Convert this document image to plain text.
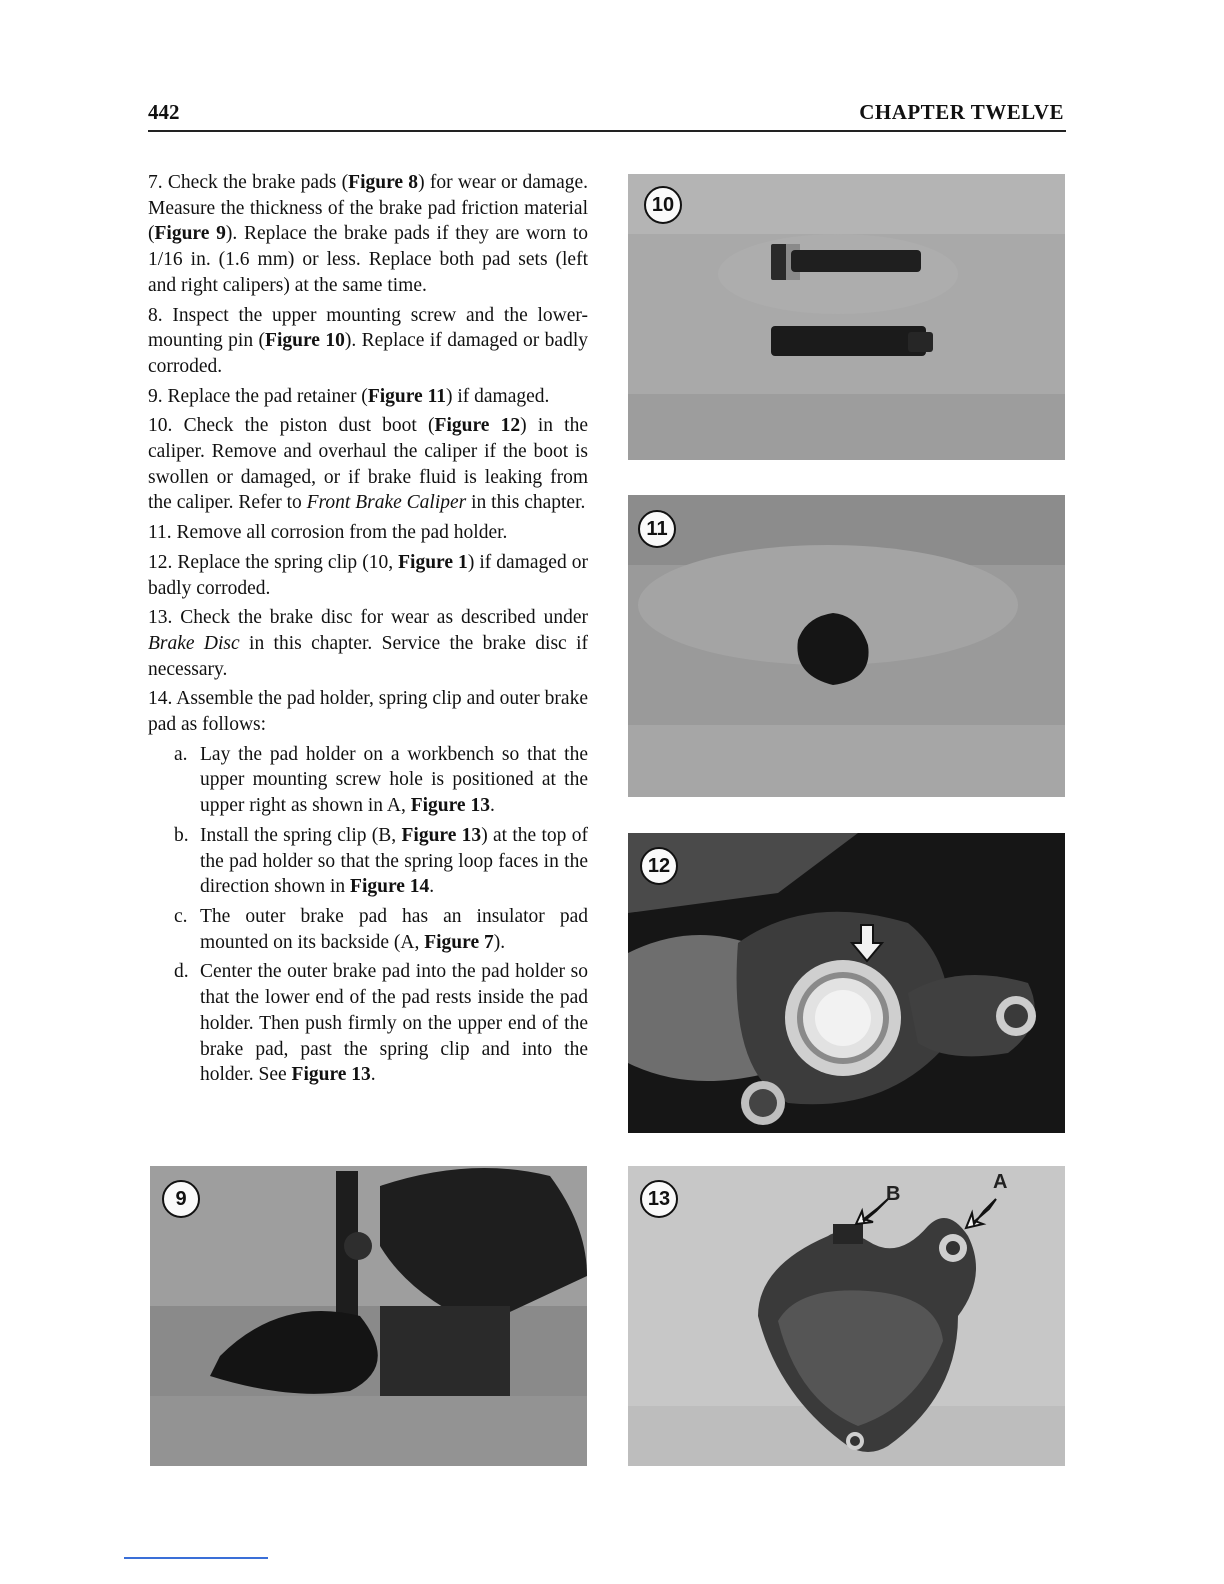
442	CHAPTER TWELVE

7. Check the brake pads (Figure 8) for wear or damage. Measure the thickness of the brake pad friction material (Figure 9). Replace the brake pads if they are worn to 1/16 in. (1.6 mm) or less. Replace both pad sets (left and right calipers) at the same time.

8. Inspect the upper mounting screw and the lower-mounting pin (Figure 10). Replace if damaged or badly corroded.

9. Replace the pad retainer (Figure 11) if damaged.

10. Check the piston dust boot (Figure 12) in the caliper. Remove and overhaul the caliper if the boot is swollen or damaged, or if brake fluid is leaking from the caliper. Refer to Front Brake Caliper in this chapter.

11. Remove all corrosion from the pad holder.

12. Replace the spring clip (10, Figure 1) if damaged or badly corroded.

13. Check the brake disc for wear as described under Brake Disc in this chapter. Service the brake disc if necessary.

14. Assemble the pad holder, spring clip and outer brake pad as follows:

a. Lay the pad holder on a workbench so that the upper mounting screw hole is positioned at the upper right as shown in A, Figure 13.
b. Install the spring clip (B, Figure 13) at the top of the pad holder so that the spring loop faces in the direction shown in Figure 14.
c. The outer brake pad has an insulator pad mounted on its backside (A, Figure 7).
d. Center the outer brake pad into the pad holder so that the lower end of the pad rests inside the pad holder. Then push firmly on the upper end of the brake pad, past the spring clip and into the holder. See Figure 13.
10
11
12
9	B
A
13
